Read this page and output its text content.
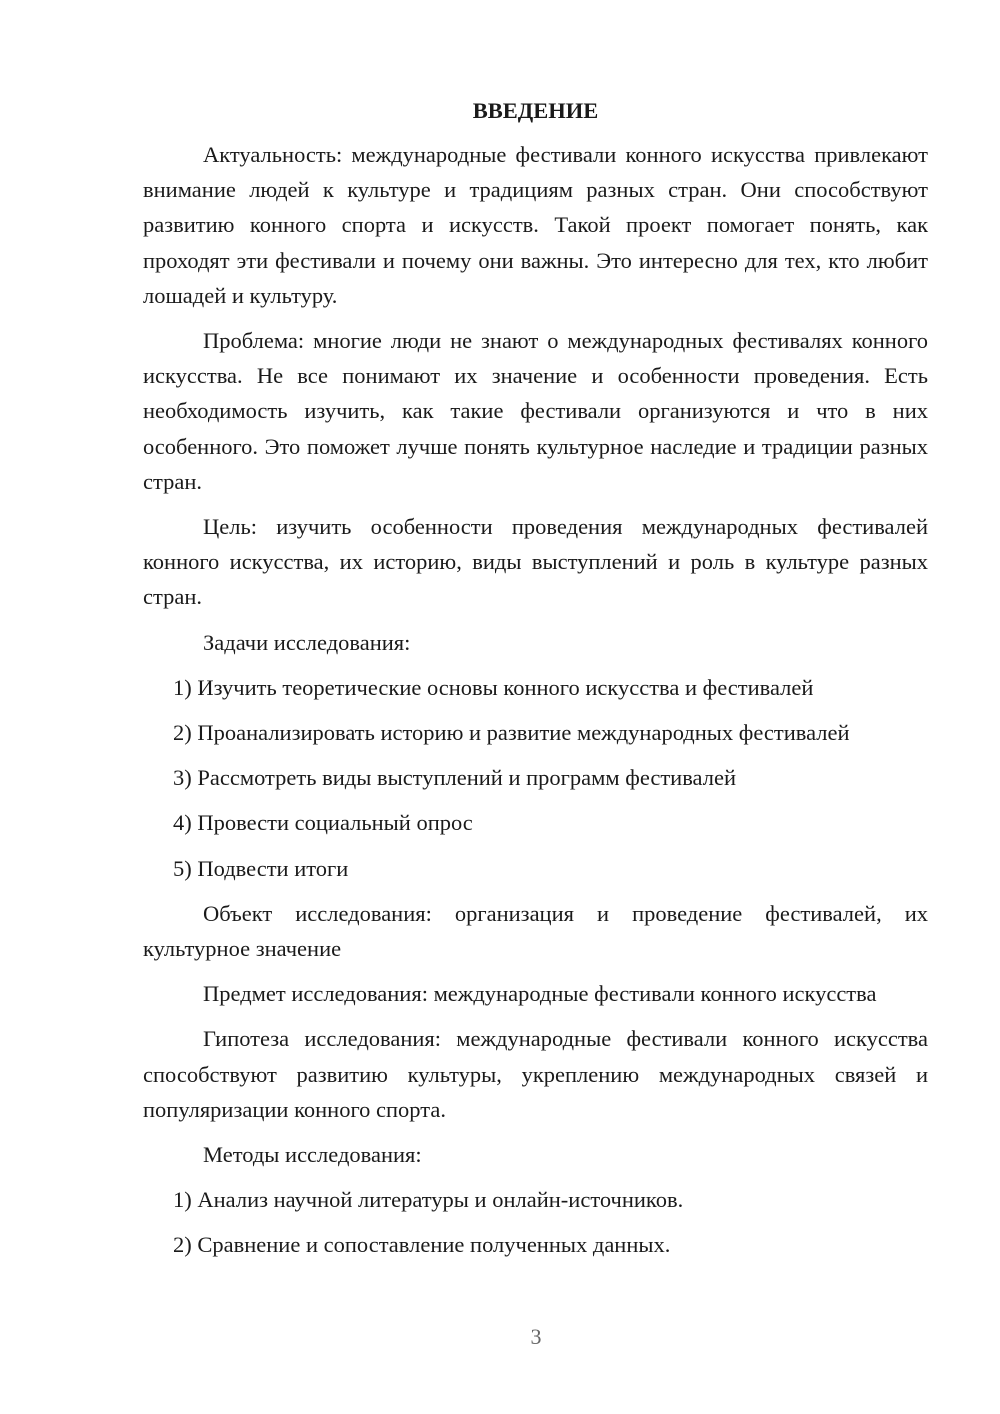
ВВЕДЕНИЕ

Актуальность: международные фестивали конного искусства привлекают внимание людей к культуре и традициям разных стран. Они способствуют развитию конного спорта и искусств. Такой проект помогает понять, как проходят эти фестивали и почему они важны. Это интересно для тех, кто любит лошадей и культуру.

Проблема: многие люди не знают о международных фестивалях конного искусства. Не все понимают их значение и особенности проведения. Есть необходимость изучить, как такие фестивали организуются и что в них особенного. Это поможет лучше понять культурное наследие и традиции разных стран.

Цель: изучить особенности проведения международных фестивалей конного искусства, их историю, виды выступлений и роль в культуре разных стран.

Задачи исследования:

1) Изучить теоретические основы конного искусства и фестивалей
2) Проанализировать историю и развитие международных фестивалей
3) Рассмотреть виды выступлений и программ фестивалей
4) Провести социальный опрос
5) Подвести итоги

Объект исследования: организация и проведение фестивалей, их культурное значение

Предмет исследования: международные фестивали конного искусства

Гипотеза исследования: международные фестивали конного искусства способствуют развитию культуры, укреплению международных связей и популяризации конного спорта.

Методы исследования:

1) Анализ научной литературы и онлайн-источников.
2) Сравнение и сопоставление полученных данных.
3
